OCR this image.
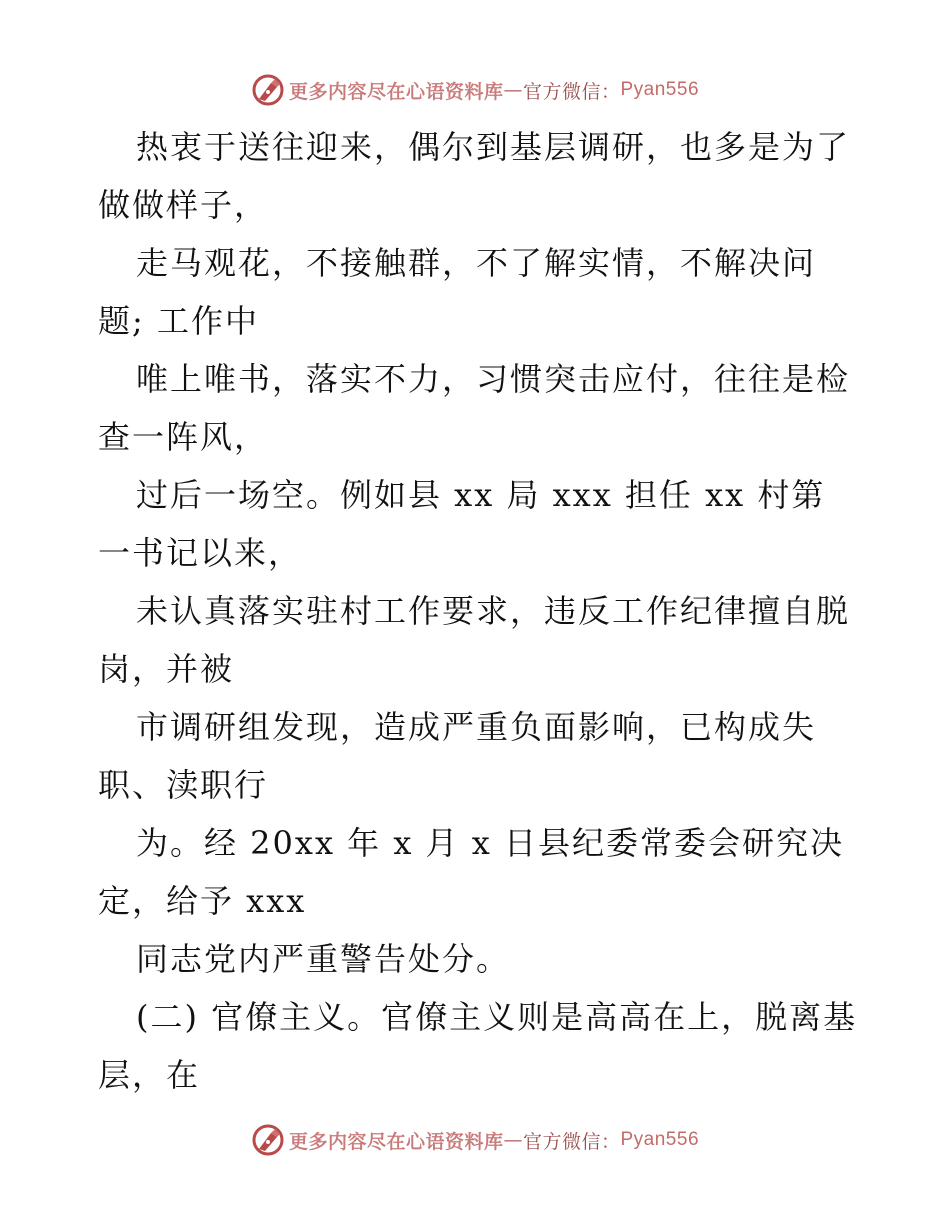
更多内容尽在心语资料库 — 官方微信： Pyan556
热衷于送往迎来，偶尔到基层调研，也多是为了
做做样子，
走马观花，不接触群，不了解实情，不解决问
题; 工作中
唯上唯书，落实不力，习惯突击应付，往往是检
查一阵风，
过后一场空。例如县 xx 局 xxx 担任 xx 村第
一书记以来，
未认真落实驻村工作要求，违反工作纪律擅自脱
岗，并被
市调研组发现，造成严重负面影响，已构成失
职、渎职行
为。经 20xx 年 x 月 x 日县纪委常委会研究决
定，给予 xxx
同志党内严重警告处分。
(二) 官僚主义。官僚主义则是高高在上，脱离基
层，在
更多内容尽在心语资料库 — 官方微信： Pyan556
